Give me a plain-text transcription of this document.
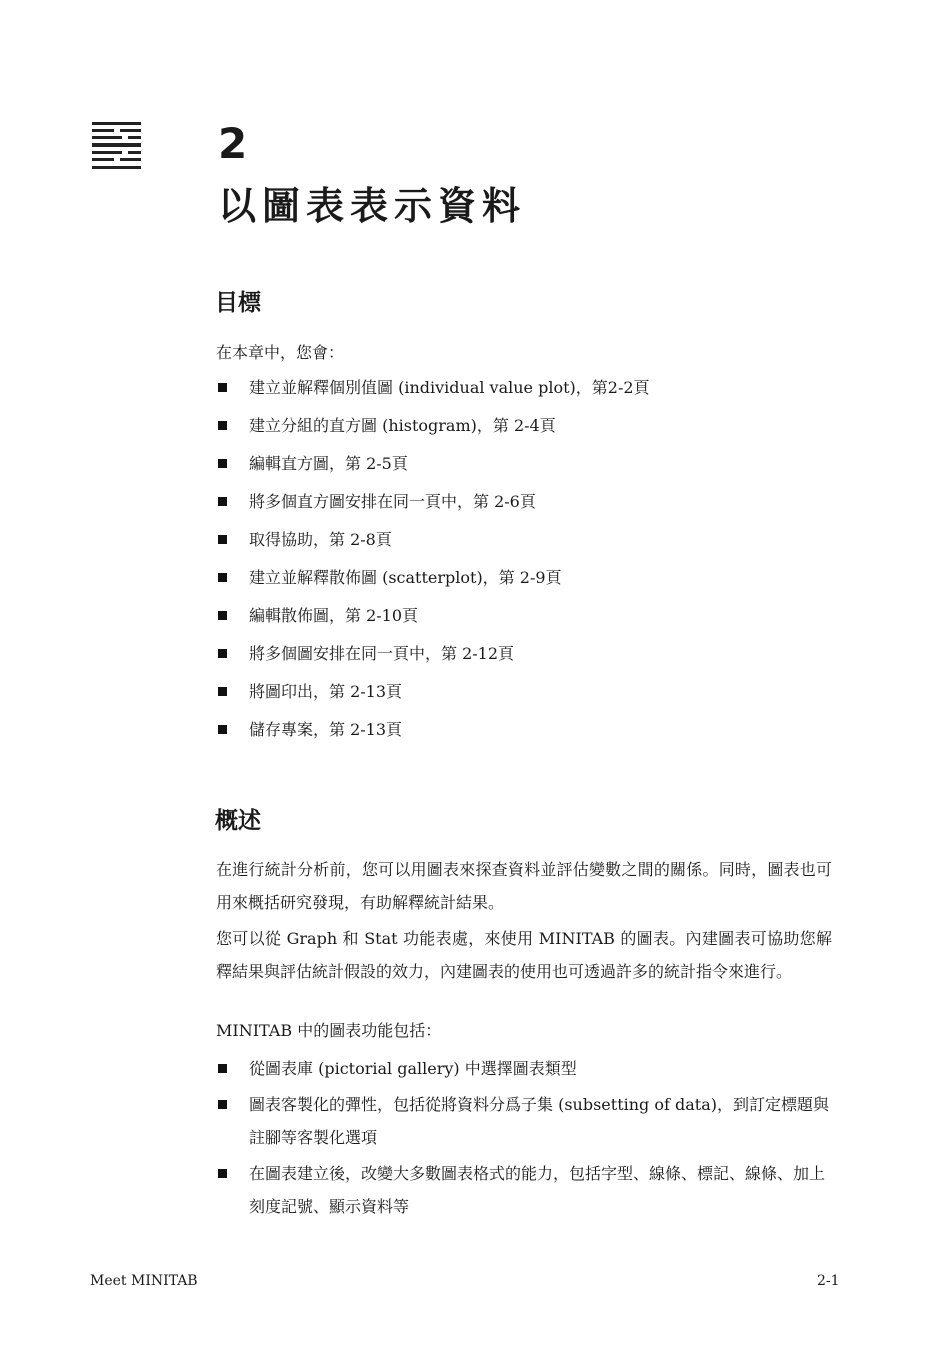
2
以圖表表示資料
目標

在本章中，您會：

建立並解釋個別值圖 (individual value plot)，第2-2頁
建立分組的直方圖 (histogram)，第 2-4頁
編輯直方圖，第 2-5頁
將多個直方圖安排在同一頁中，第 2-6頁
取得協助，第 2-8頁
建立並解釋散佈圖 (scatterplot)，第 2-9頁
編輯散佈圖，第 2-10頁
將多個圖安排在同一頁中，第 2-12頁
將圖印出，第 2-13頁
儲存專案，第 2-13頁
概述

在進行統計分析前，您可以用圖表來探查資料並評估變數之間的關係。同時，圖表也可用來概括研究發現，有助解釋統計結果。

您可以從 Graph 和 Stat 功能表處，來使用 MINITAB 的圖表。內建圖表可協助您解釋結果與評估統計假設的效力，內建圖表的使用也可透過許多的統計指令來進行。

MINITAB 中的圖表功能包括：

從圖表庫 (pictorial gallery) 中選擇圖表類型
圖表客製化的彈性，包括從將資料分爲子集 (subsetting of data)，到訂定標題與註腳等客製化選項
在圖表建立後，改變大多數圖表格式的能力，包括字型、線條、標記、線條、加上刻度記號、顯示資料等

Meet MINITAB	2-1
